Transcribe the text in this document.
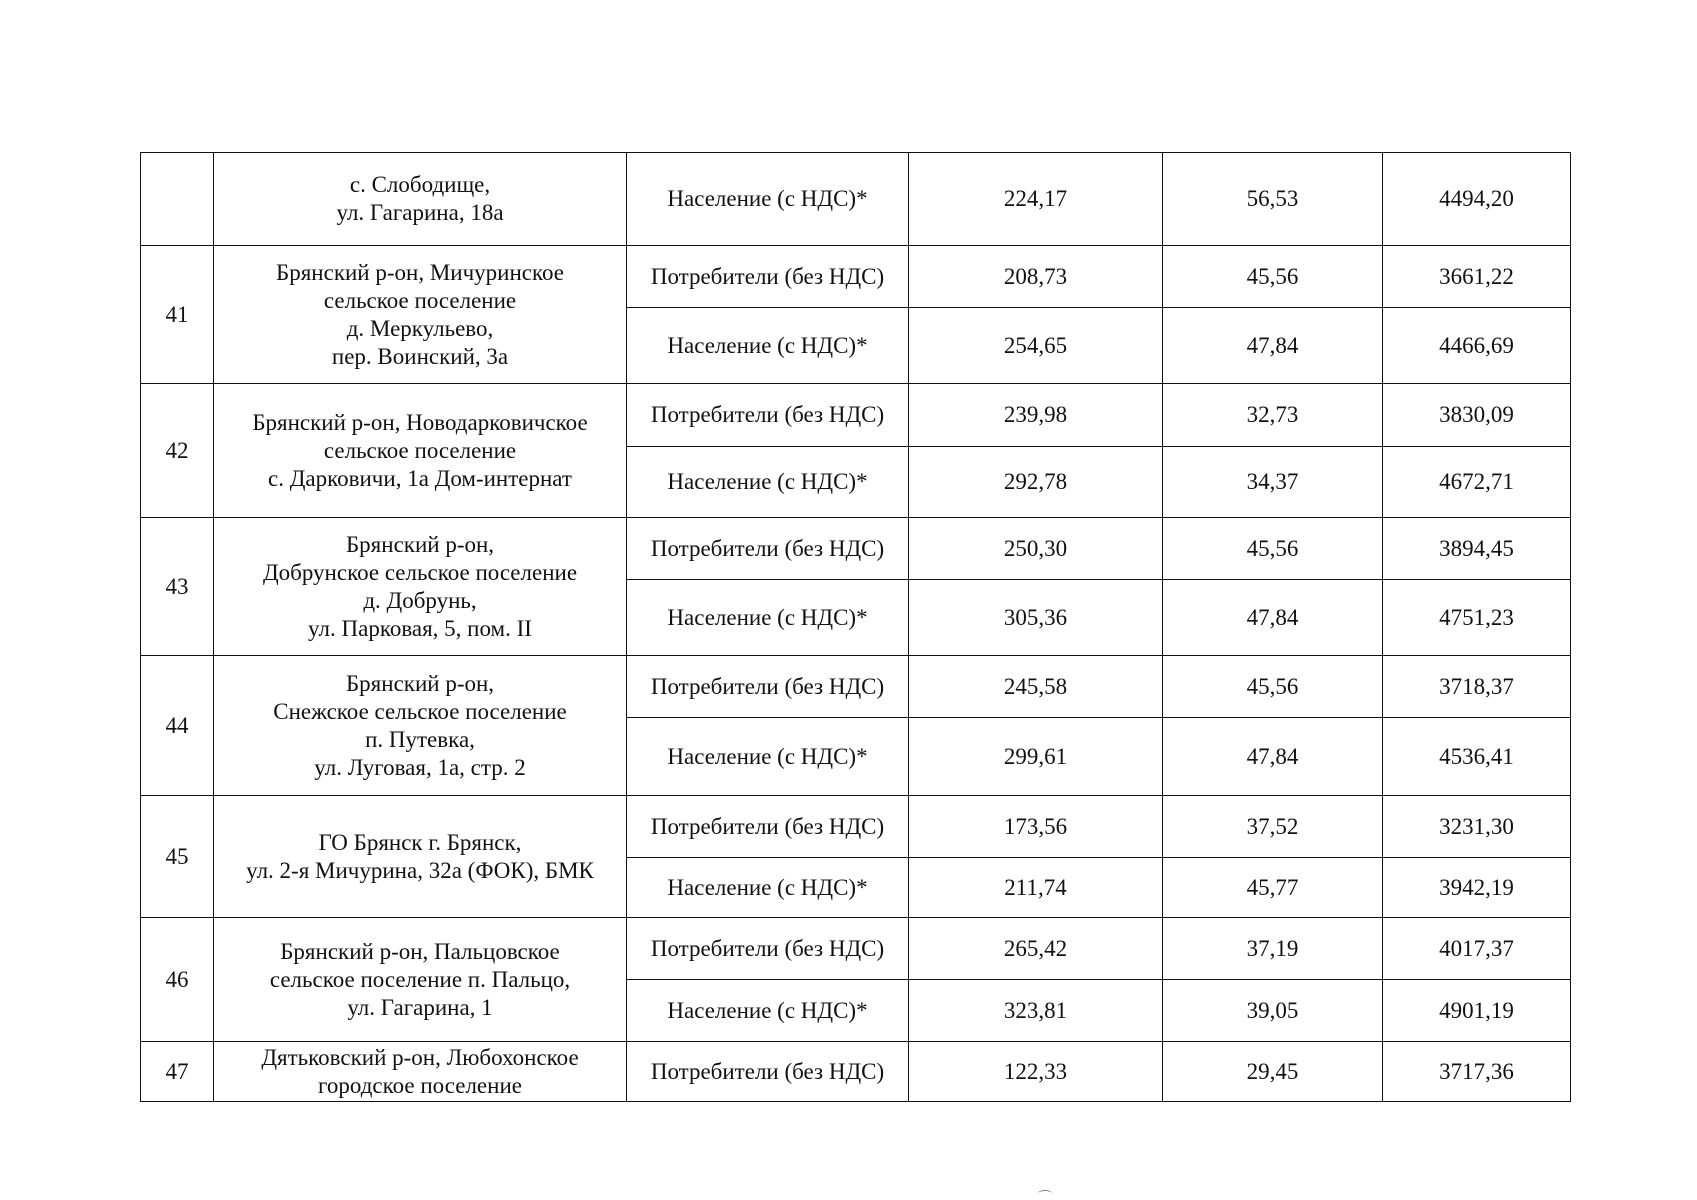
	с. Слободище,
ул. Гагарина, 18а	Население (с НДС)*	224,17	56,53	4494,20
41	Брянский р-он, Мичуринское
сельское поселение
д. Меркульево,
пер. Воинский, 3а	Потребители (без НДС)	208,73	45,56	3661,22
		Население (с НДС)*	254,65	47,84	4466,69
42	Брянский р-он, Новодарковичское
сельское поселение
с. Дарковичи, 1а Дом-интернат	Потребители (без НДС)	239,98	32,73	3830,09
		Население (с НДС)*	292,78	34,37	4672,71
43	Брянский р-он,
Добрунское сельское поселение
д. Добрунь,
ул. Парковая, 5, пом. II	Потребители (без НДС)	250,30	45,56	3894,45
		Население (с НДС)*	305,36	47,84	4751,23
44	Брянский р-он,
Снежское сельское поселение
п. Путевка,
ул. Луговая, 1а, стр. 2	Потребители (без НДС)	245,58	45,56	3718,37
		Население (с НДС)*	299,61	47,84	4536,41
45	ГО Брянск г. Брянск,
ул. 2-я Мичурина, 32а (ФОК), БМК	Потребители (без НДС)	173,56	37,52	3231,30
		Население (с НДС)*	211,74	45,77	3942,19
46	Брянский р-он, Пальцовское
сельское поселение п. Пальцо,
ул. Гагарина, 1	Потребители (без НДС)	265,42	37,19	4017,37
		Население (с НДС)*	323,81	39,05	4901,19
47	Дятьковский р-он, Любохонское
городское поселение	Потребители (без НДС)	122,33	29,45	3717,36
